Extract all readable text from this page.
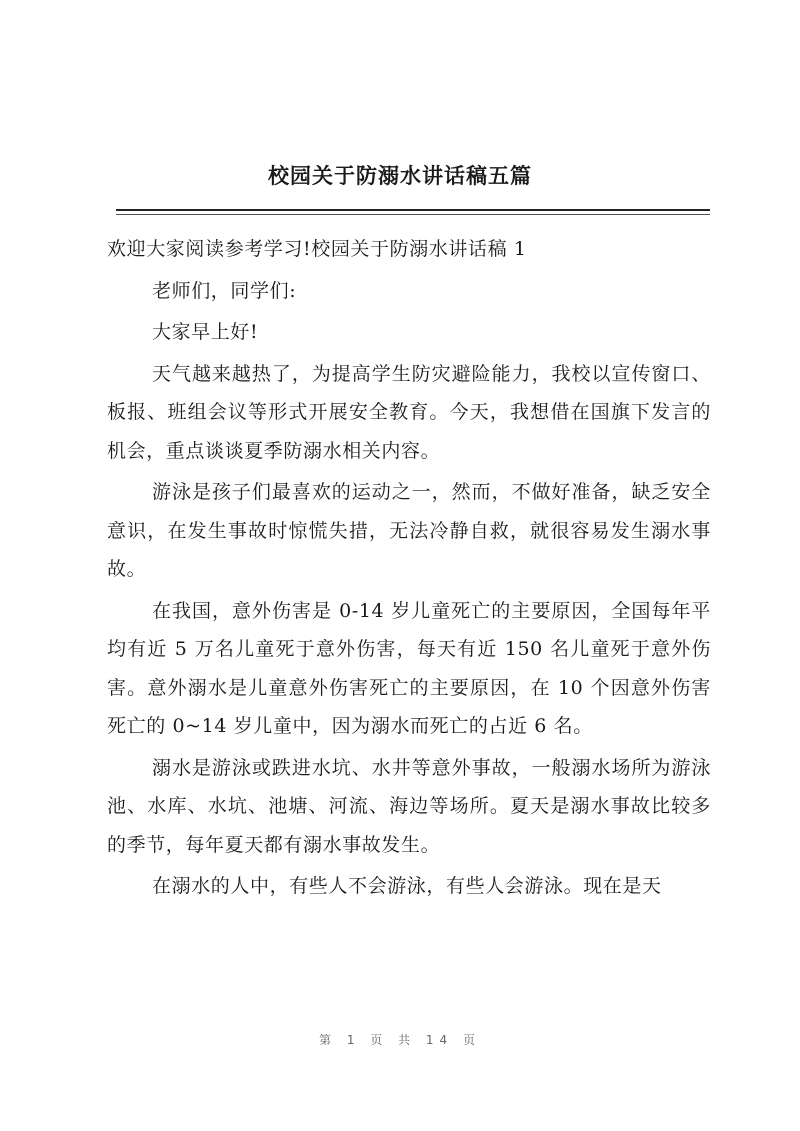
校园关于防溺水讲话稿五篇

欢迎大家阅读参考学习!校园关于防溺水讲话稿 1

老师们，同学们:

大家早上好!

天气越来越热了，为提高学生防灾避险能力，我校以宣传窗口、板报、班组会议等形式开展安全教育。今天，我想借在国旗下发言的机会，重点谈谈夏季防溺水相关内容。

游泳是孩子们最喜欢的运动之一，然而，不做好准备，缺乏安全意识，在发生事故时惊慌失措，无法冷静自救，就很容易发生溺水事故。

在我国，意外伤害是 0-14 岁儿童死亡的主要原因，全国每年平均有近 5 万名儿童死于意外伤害，每天有近 150 名儿童死于意外伤害。意外溺水是儿童意外伤害死亡的主要原因，在 10 个因意外伤害死亡的 0~14 岁儿童中，因为溺水而死亡的占近 6 名。

溺水是游泳或跌进水坑、水井等意外事故，一般溺水场所为游泳池、水库、水坑、池塘、河流、海边等场所。夏天是溺水事故比较多的季节，每年夏天都有溺水事故发生。

在溺水的人中，有些人不会游泳，有些人会游泳。现在是天

第 1 页 共 14 页
